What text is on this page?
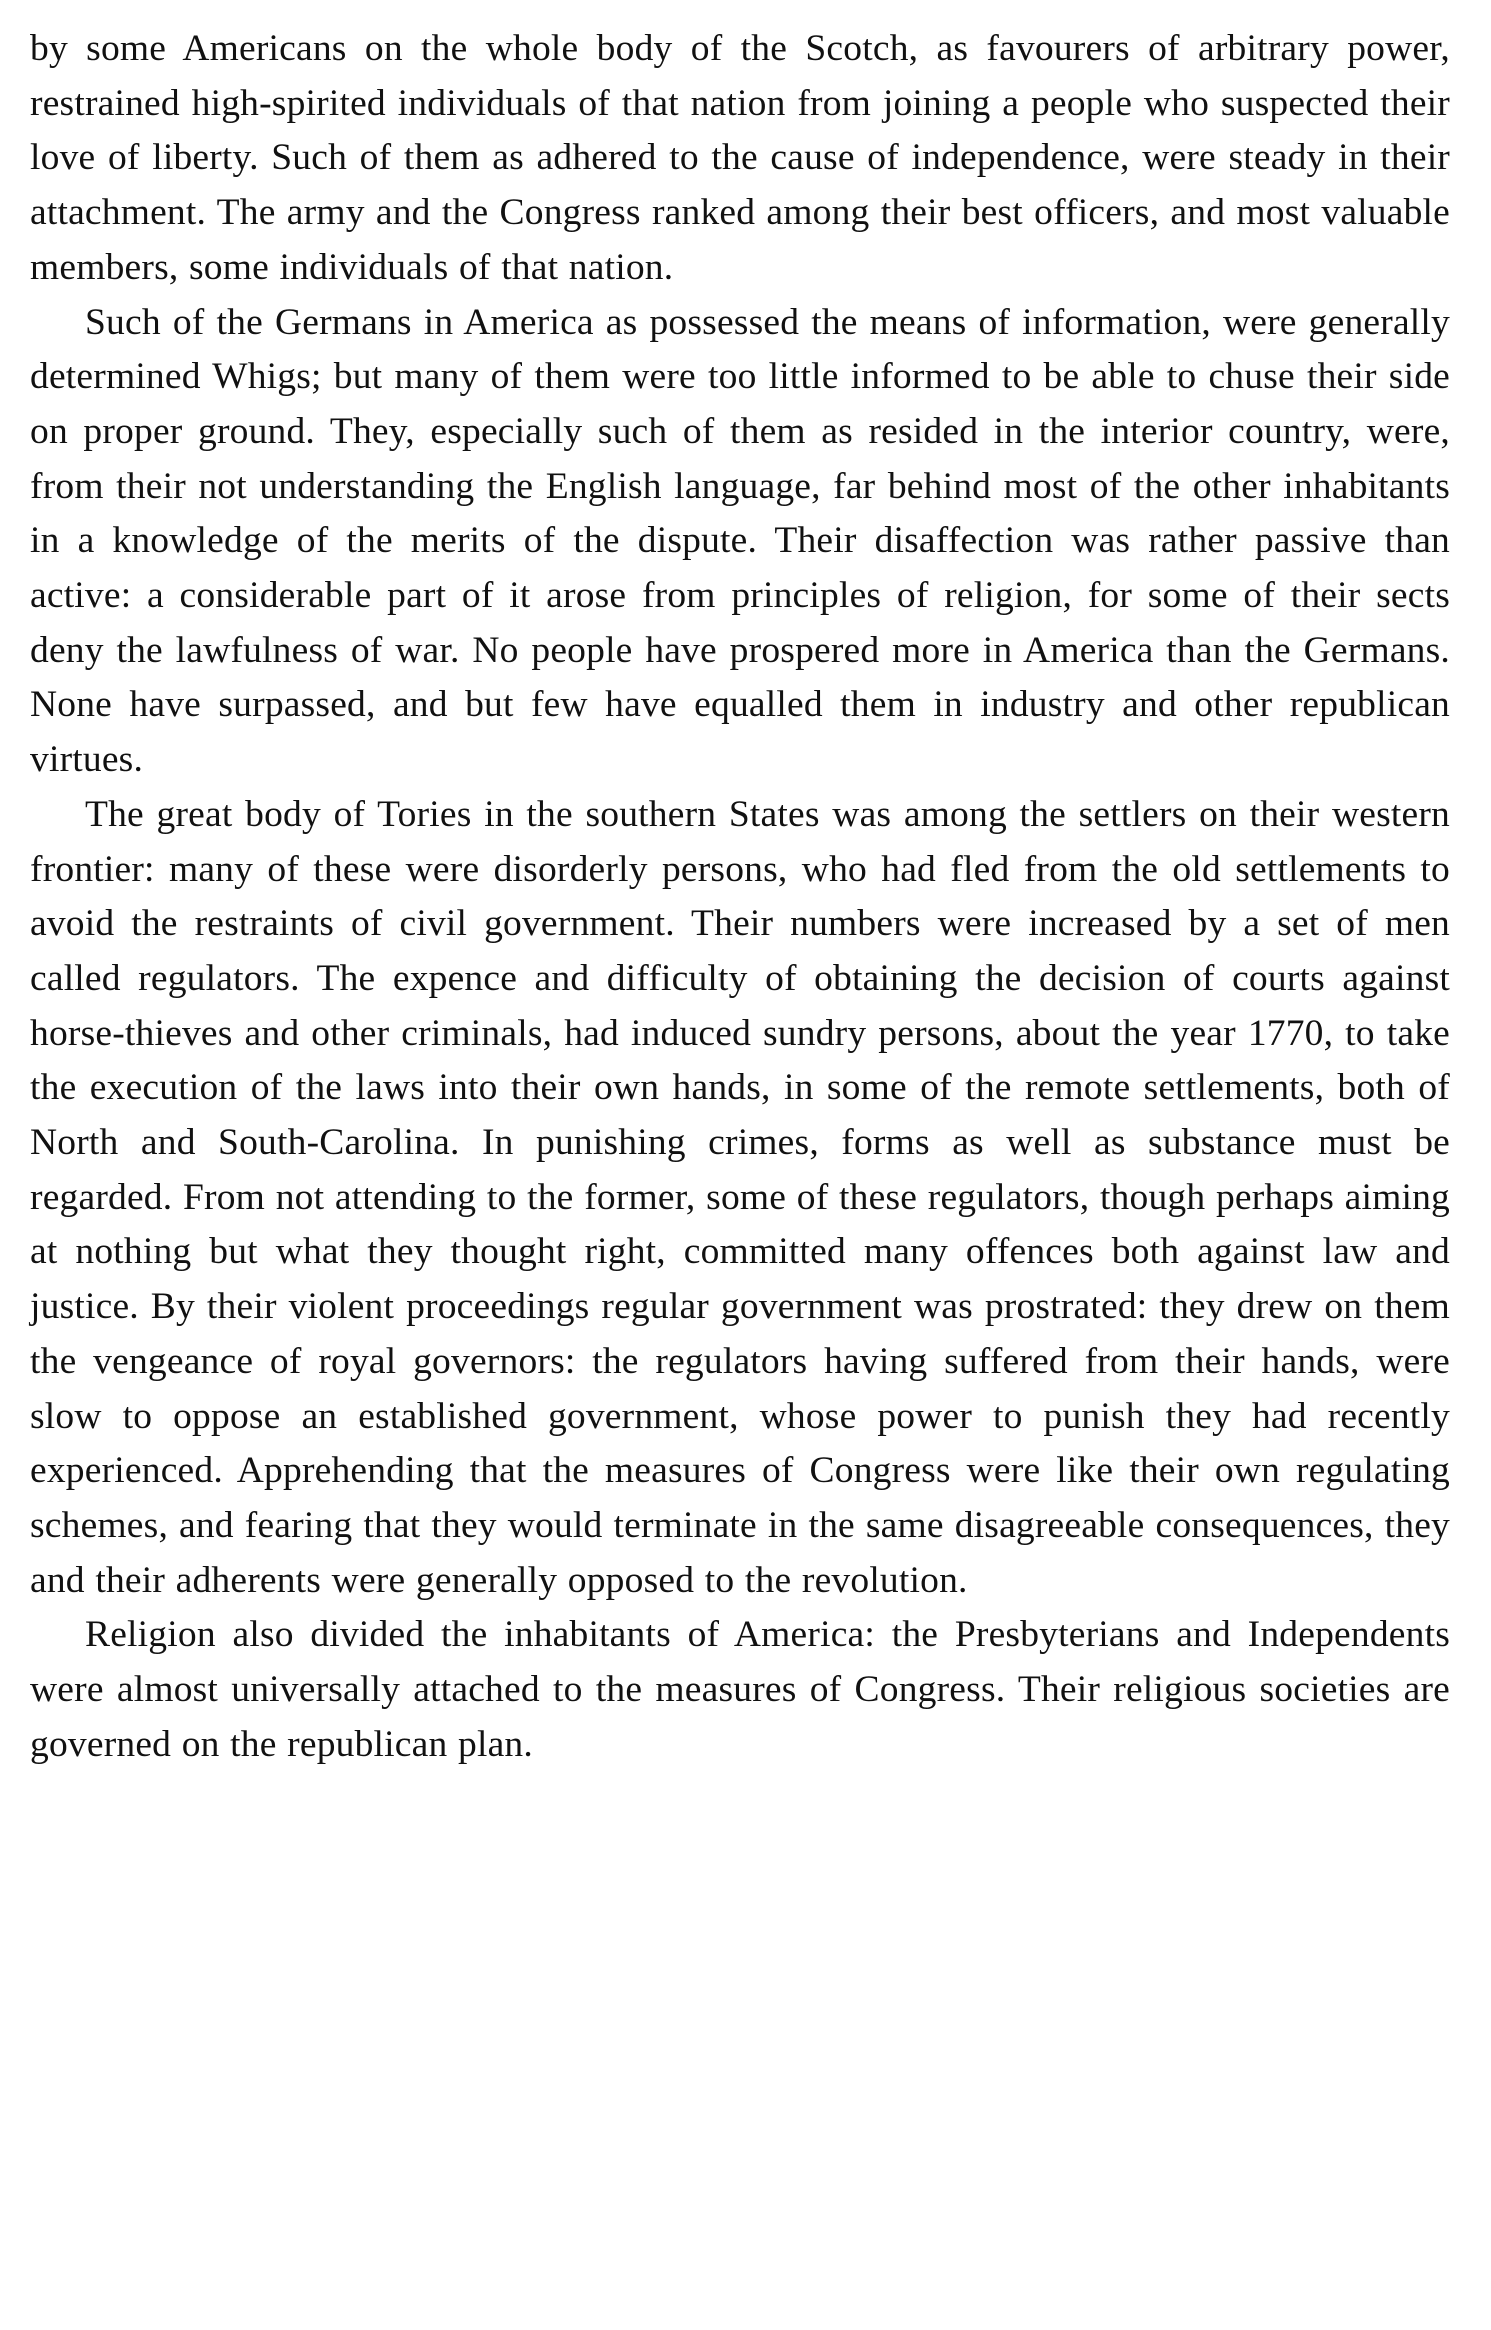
by some Americans on the whole body of the Scotch, as favourers of arbitrary power, restrained high-spirited individuals of that nation from joining a people who suspected their love of liberty. Such of them as adhered to the cause of independence, were steady in their attachment. The army and the Congress ranked among their best officers, and most valuable members, some individuals of that nation.

Such of the Germans in America as possessed the means of information, were generally determined Whigs; but many of them were too little informed to be able to chuse their side on proper ground. They, especially such of them as resided in the interior country, were, from their not understanding the English language, far behind most of the other inhabitants in a knowledge of the merits of the dispute. Their disaffection was rather passive than active: a considerable part of it arose from principles of religion, for some of their sects deny the lawfulness of war. No people have prospered more in America than the Germans. None have surpassed, and but few have equalled them in industry and other republican virtues.

The great body of Tories in the southern States was among the settlers on their western frontier: many of these were disorderly persons, who had fled from the old settlements to avoid the restraints of civil government. Their numbers were increased by a set of men called regulators. The expence and difficulty of obtaining the decision of courts against horse-thieves and other criminals, had induced sundry persons, about the year 1770, to take the execution of the laws into their own hands, in some of the remote settlements, both of North and South-Carolina. In punishing crimes, forms as well as substance must be regarded. From not attending to the former, some of these regulators, though perhaps aiming at nothing but what they thought right, committed many offences both against law and justice. By their violent proceedings regular government was prostrated: they drew on them the vengeance of royal governors: the regulators having suffered from their hands, were slow to oppose an established government, whose power to punish they had recently experienced. Apprehending that the measures of Congress were like their own regulating schemes, and fearing that they would terminate in the same disagreeable consequences, they and their adherents were generally opposed to the revolution.

Religion also divided the inhabitants of America: the Presbyterians and Independents were almost universally attached to the measures of Congress. Their religious societies are governed on the republican plan.
